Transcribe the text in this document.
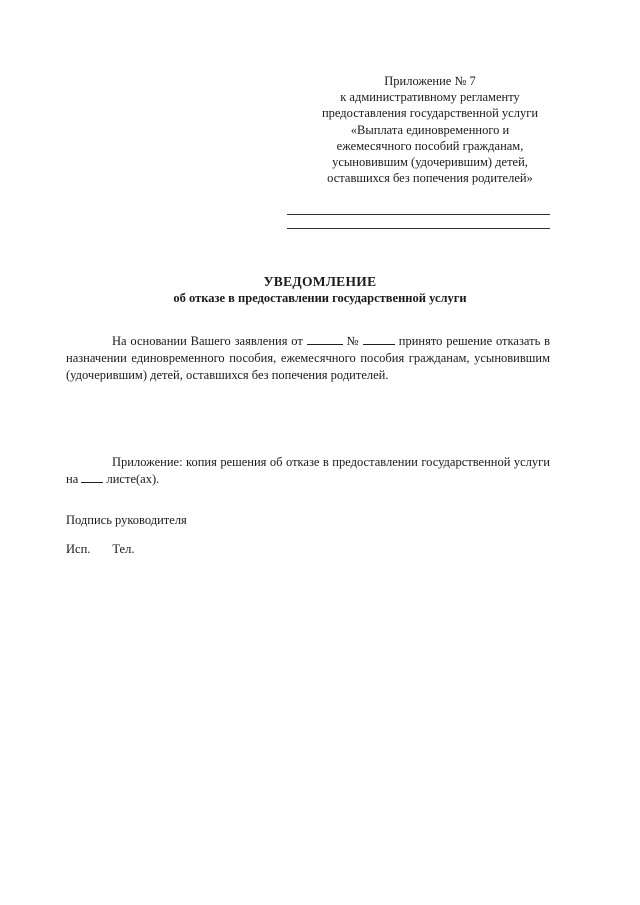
Приложение № 7
к административному регламенту
предоставления государственной услуги
«Выплата единовременного и
ежемесячного пособий гражданам,
усыновившим (удочерившим) детей,
оставшихся без попечения родителей»
УВЕДОМЛЕНИЕ
об отказе в предоставлении государственной услуги
На основании Вашего заявления от	№	принято решение отказать в назначении единовременного пособия, ежемесячного пособия гражданам, усыновившим (удочерившим) детей, оставшихся без попечения родителей.
Приложение: копия решения об отказе в предоставлении государственной услуги на листе(ах).
Подпись руководителя
Исп. Тел.
